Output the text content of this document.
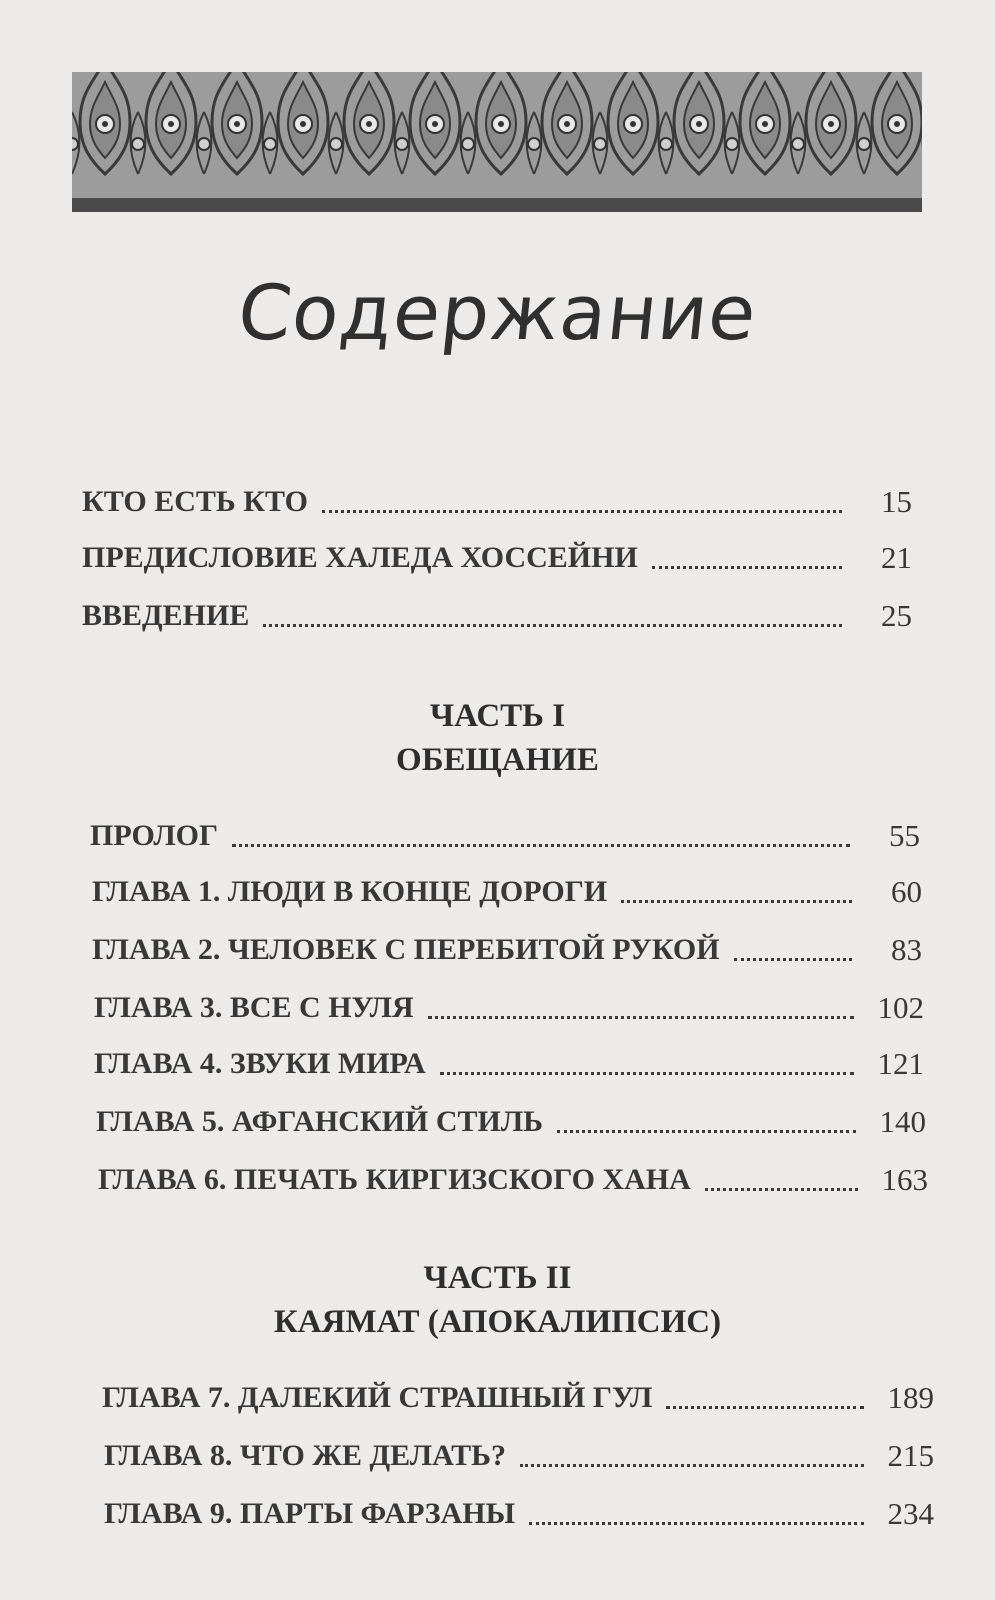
Содержание
КТО ЕСТЬ КТО	15
ПРЕДИСЛОВИЕ ХАЛЕДА ХОССЕЙНИ	21
ВВЕДЕНИЕ	25
ЧАСТЬ I
ОБЕЩАНИЕ
ПРОЛОГ	55
ГЛАВА 1. ЛЮДИ В КОНЦЕ ДОРОГИ	60
ГЛАВА 2. ЧЕЛОВЕК С ПЕРЕБИТОЙ РУКОЙ	83
ГЛАВА 3. ВСЕ С НУЛЯ	102
ГЛАВА 4. ЗВУКИ МИРА	121
ГЛАВА 5. АФГАНСКИЙ СТИЛЬ	140
ГЛАВА 6. ПЕЧАТЬ КИРГИЗСКОГО ХАНА	163
ЧАСТЬ II
КАЯМАТ (АПОКАЛИПСИС)
ГЛАВА 7. ДАЛЕКИЙ СТРАШНЫЙ ГУЛ	189
ГЛАВА 8. ЧТО ЖЕ ДЕЛАТЬ?	215
ГЛАВА 9. ПАРТЫ ФАРЗАНЫ	234
